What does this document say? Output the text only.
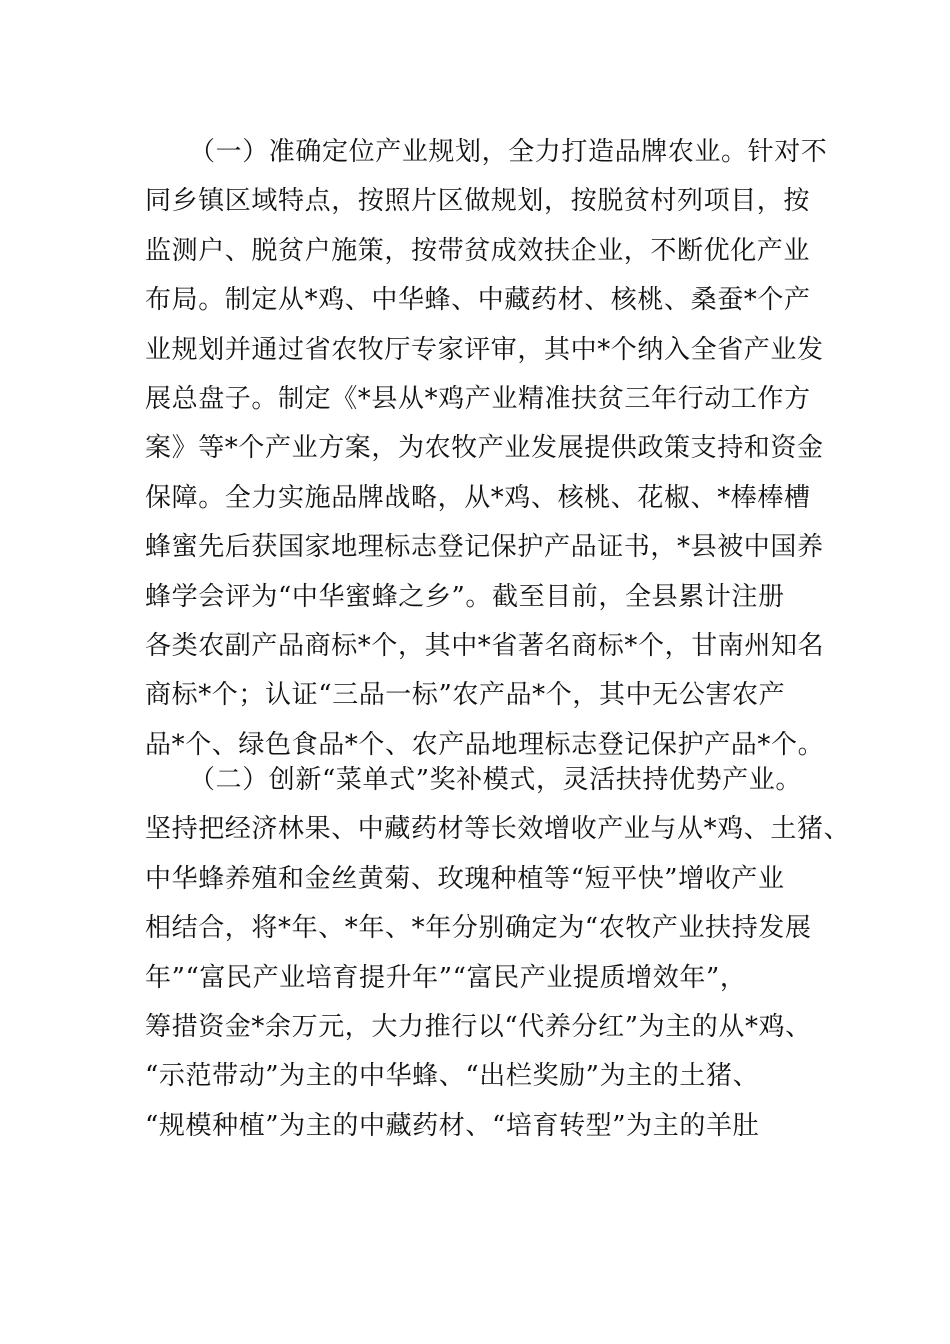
（一）准确定位产业规划，全力打造品牌农业。针对不
同乡镇区域特点，按照片区做规划，按脱贫村列项目，按
监测户、脱贫户施策，按带贫成效扶企业，不断优化产业
布局。制定从*鸡、中华蜂、中藏药材、核桃、桑蚕*个产
业规划并通过省农牧厅专家评审，其中*个纳入全省产业发
展总盘子。制定《*县从*鸡产业精准扶贫三年行动工作方
案》等*个产业方案，为农牧产业发展提供政策支持和资金
保障。全力实施品牌战略，从*鸡、核桃、花椒、*棒棒槽
蜂蜜先后获国家地理标志登记保护产品证书，*县被中国养
蜂学会评为“中华蜜蜂之乡”。截至目前，全县累计注册
各类农副产品商标*个，其中*省著名商标*个，甘南州知名
商标*个；认证“三品一标”农产品*个，其中无公害农产
品*个、绿色食品*个、农产品地理标志登记保护产品*个。
（二）创新“菜单式”奖补模式，灵活扶持优势产业。
坚持把经济林果、中藏药材等长效增收产业与从*鸡、土猪、
中华蜂养殖和金丝黄菊、玫瑰种植等“短平快”增收产业
相结合，将*年、*年、*年分别确定为“农牧产业扶持发展
年”“富民产业培育提升年”“富民产业提质增效年”，
筹措资金*余万元，大力推行以“代养分红”为主的从*鸡、
“示范带动”为主的中华蜂、“出栏奖励”为主的土猪、
“规模种植”为主的中藏药材、“培育转型”为主的羊肚
